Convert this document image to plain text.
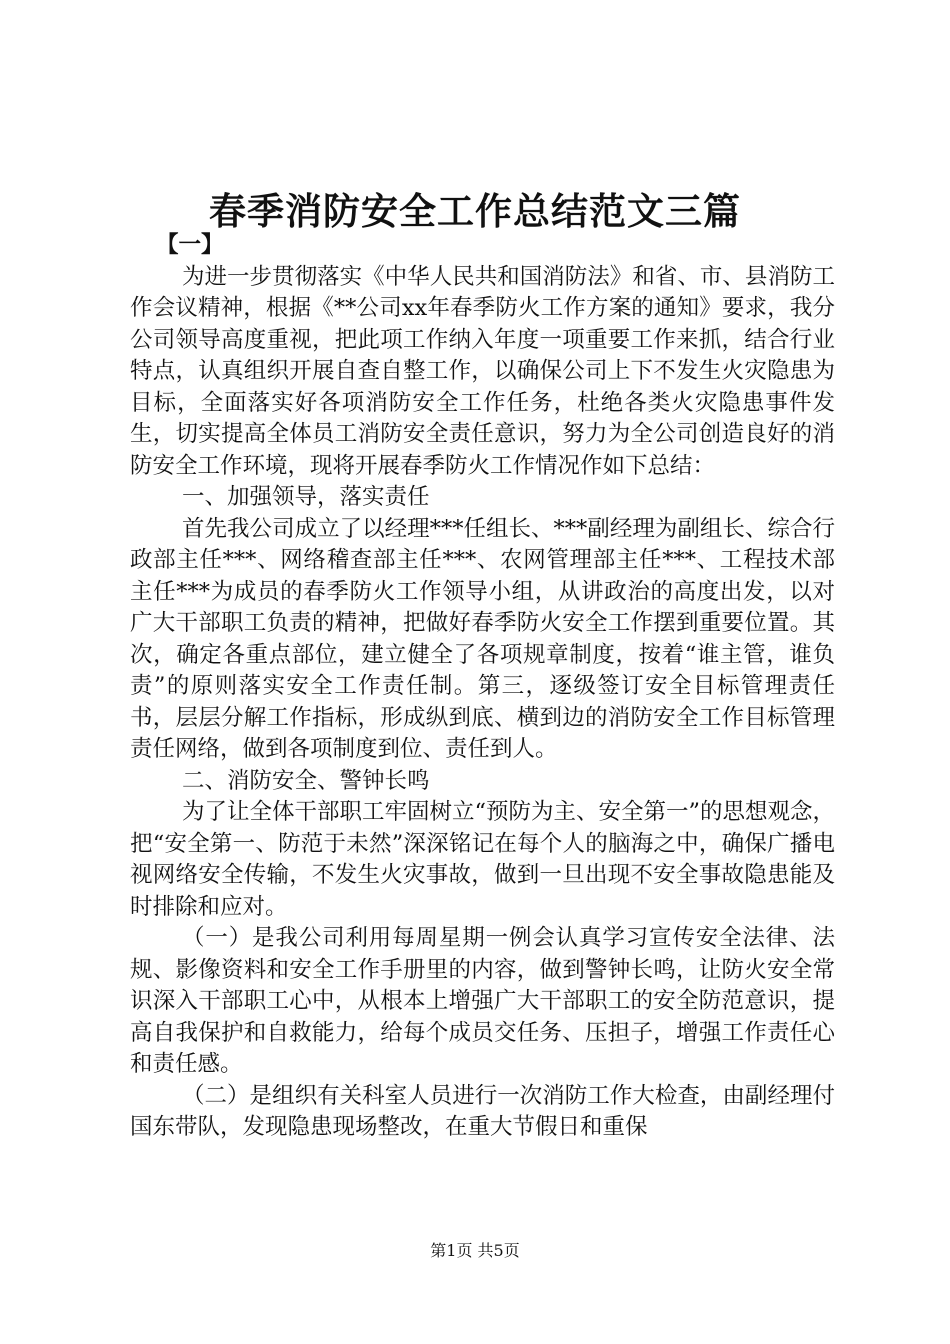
春季消防安全工作总结范文三篇

【一】

为进一步贯彻落实《中华人民共和国消防法》和省、市、县消防工作会议精神，根据《**公司xx年春季防火工作方案的通知》要求，我分公司领导高度重视，把此项工作纳入年度一项重要工作来抓，结合行业特点，认真组织开展自查自整工作，以确保公司上下不发生火灾隐患为目标，全面落实好各项消防安全工作任务，杜绝各类火灾隐患事件发生，切实提高全体员工消防安全责任意识，努力为全公司创造良好的消防安全工作环境，现将开展春季防火工作情况作如下总结：

一、加强领导，落实责任

首先我公司成立了以经理***任组长、***副经理为副组长、综合行政部主任***、网络稽查部主任***、农网管理部主任***、工程技术部主任***为成员的春季防火工作领导小组，从讲政治的高度出发，以对广大干部职工负责的精神，把做好春季防火安全工作摆到重要位置。其次，确定各重点部位，建立健全了各项规章制度，按着“谁主管，谁负责”的原则落实安全工作责任制。第三，逐级签订安全目标管理责任书，层层分解工作指标，形成纵到底、横到边的消防安全工作目标管理责任网络，做到各项制度到位、责任到人。

二、消防安全、警钟长鸣

为了让全体干部职工牢固树立“预防为主、安全第一”的思想观念，把“安全第一、防范于未然”深深铭记在每个人的脑海之中，确保广播电视网络安全传输，不发生火灾事故，做到一旦出现不安全事故隐患能及时排除和应对。

（一）是我公司利用每周星期一例会认真学习宣传安全法律、法规、影像资料和安全工作手册里的内容，做到警钟长鸣，让防火安全常识深入干部职工心中，从根本上增强广大干部职工的安全防范意识，提高自我保护和自救能力，给每个成员交任务、压担子，增强工作责任心和责任感。

（二）是组织有关科室人员进行一次消防工作大检查，由副经理付国东带队，发现隐患现场整改，在重大节假日和重保

第1页 共5页
